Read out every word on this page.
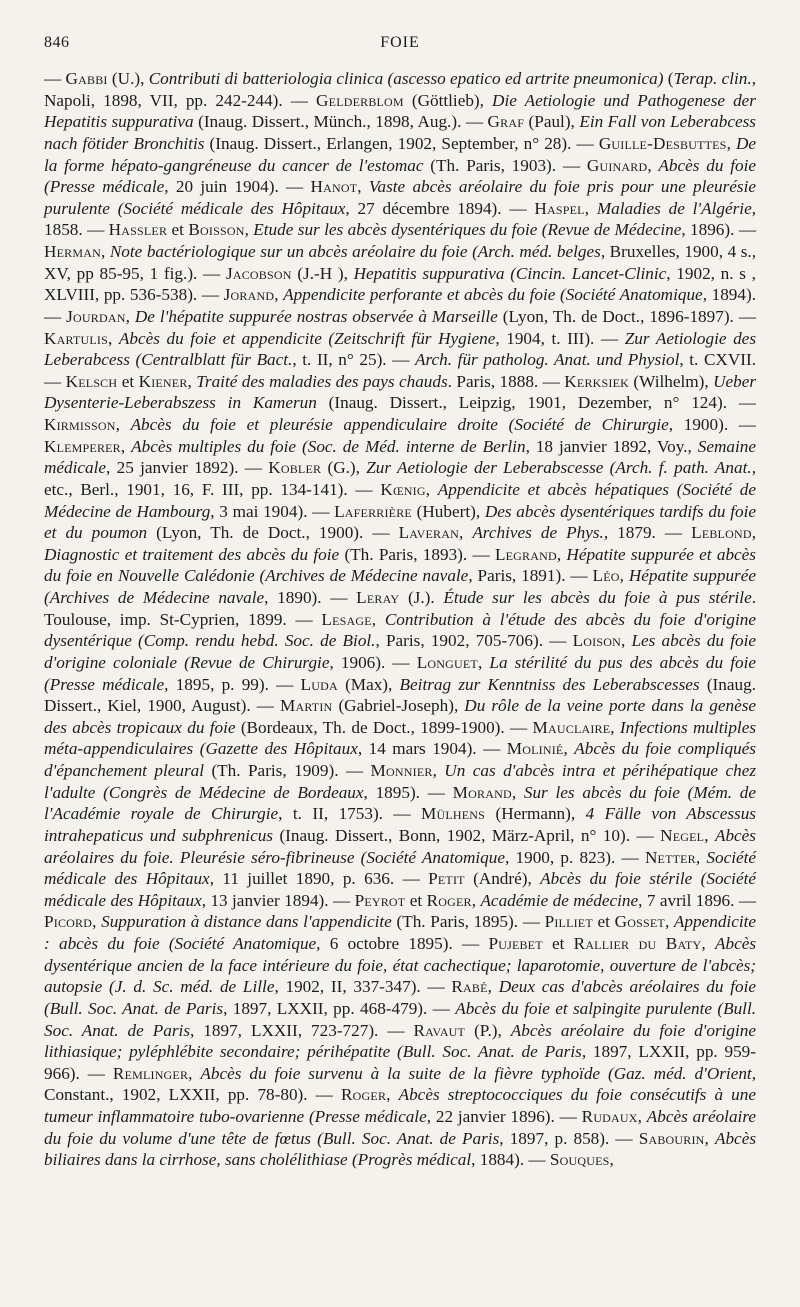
846	FOIE

— Gabbi (U.), Contributi di batteriologia clinica (ascesso epatico ed artrite pneumonica) (Terap. clin., Napoli, 1898, VII, pp. 242-244). — Gelderblom (Göttlieb), Die Aetiologie und Pathogenese der Hepatitis suppurativa (Inaug. Dissert., Münch., 1898, Aug.). — Graf (Paul), Ein Fall von Leberabcess nach fötider Bronchitis (Inaug. Dissert., Erlangen, 1902, September, n° 28). — Guille-Desbuttes, De la forme hépato-gangréneuse du cancer de l'estomac (Th. Paris, 1903). — Guinard, Abcès du foie (Presse médicale, 20 juin 1904). — Hanot, Vaste abcès aréolaire du foie pris pour une pleurésie purulente (Société médicale des Hôpitaux, 27 décembre 1894). — Haspel, Maladies de l'Algérie, 1858. — Hassler et Boisson, Etude sur les abcès dysentériques du foie (Revue de Médecine, 1896). — Herman, Note bactériologique sur un abcès aréolaire du foie (Arch. méd. belges, Bruxelles, 1900, 4 s., XV, pp 85-95, 1 fig.). — Jacobson (J.-H ), Hepatitis suppurativa (Cincin. Lancet-Clinic, 1902, n. s , XLVIII, pp. 536-538). — Jorand, Appendicite perforante et abcès du foie (Société Anatomique, 1894). — Jourdan, De l'hépatite suppurée nostras observée à Marseille (Lyon, Th. de Doct., 1896-1897). — Kartulis, Abcès du foie et appendicite (Zeitschrift für Hygiene, 1904, t. III). — Zur Aetiologie des Leberabcess (Centralblatt für Bact., t. II, n° 25). — Arch. für patholog. Anat. und Physiol, t. CXVII. — Kelsch et Kiener, Traité des maladies des pays chauds. Paris, 1888. — Kerksiek (Wilhelm), Ueber Dysenterie-Leberabszess in Kamerun (Inaug. Dissert., Leipzig, 1901, Dezember, n° 124). — Kirmisson, Abcès du foie et pleurésie appendiculaire droite (Société de Chirurgie, 1900). — Klemperer, Abcès multiples du foie (Soc. de Méd. interne de Berlin, 18 janvier 1892, Voy., Semaine médicale, 25 janvier 1892). — Kobler (G.), Zur Aetiologie der Leberabscesse (Arch. f. path. Anat., etc., Berl., 1901, 16, F. III, pp. 134-141). — Kœnig, Appendicite et abcès hépatiques (Société de Médecine de Hambourg, 3 mai 1904). — Laferrière (Hubert), Des abcès dysentériques tardifs du foie et du poumon (Lyon, Th. de Doct., 1900). — Laveran, Archives de Phys., 1879. — Leblond, Diagnostic et traitement des abcès du foie (Th. Paris, 1893). — Legrand, Hépatite suppurée et abcès du foie en Nouvelle Calédonie (Archives de Médecine navale, Paris, 1891). — Léo, Hépatite suppurée (Archives de Médecine navale, 1890). — Leray (J.). Étude sur les abcès du foie à pus stérile. Toulouse, imp. St-Cyprien, 1899. — Lesage, Contribution à l'étude des abcès du foie d'origine dysentérique (Comp. rendu hebd. Soc. de Biol., Paris, 1902, 705-706). — Loison, Les abcès du foie d'origine coloniale (Revue de Chirurgie, 1906). — Longuet, La stérilité du pus des abcès du foie (Presse médicale, 1895, p. 99). — Luda (Max), Beitrag zur Kenntniss des Leberabscesses (Inaug. Dissert., Kiel, 1900, August). — Martin (Gabriel-Joseph), Du rôle de la veine porte dans la genèse des abcès tropicaux du foie (Bordeaux, Th. de Doct., 1899-1900). — Mauclaire, Infections multiples méta-appendiculaires (Gazette des Hôpitaux, 14 mars 1904). — Molinié, Abcès du foie compliqués d'épanchement pleural (Th. Paris, 1909). — Monnier, Un cas d'abcès intra et périhépatique chez l'adulte (Congrès de Médecine de Bordeaux, 1895). — Morand, Sur les abcès du foie (Mém. de l'Académie royale de Chirurgie, t. II, 1753). — Mülhens (Hermann), 4 Fälle von Abscessus intrahepaticus und subphrenicus (Inaug. Dissert., Bonn, 1902, März-April, n° 10). — Negel, Abcès aréolaires du foie. Pleurésie séro-fibrineuse (Société Anatomique, 1900, p. 823). — Netter, Société médicale des Hôpitaux, 11 juillet 1890, p. 636. — Petit (André), Abcès du foie stérile (Société médicale des Hôpitaux, 13 janvier 1894). — Peyrot et Roger, Académie de médecine, 7 avril 1896. — Picord, Suppuration à distance dans l'appendicite (Th. Paris, 1895). — Pilliet et Gosset, Appendicite : abcès du foie (Société Anatomique, 6 octobre 1895). — Pujebet et Rallier du Baty, Abcès dysentérique ancien de la face intérieure du foie, état cachectique; laparotomie, ouverture de l'abcès; autopsie (J. d. Sc. méd. de Lille, 1902, II, 337-347). — Rabé, Deux cas d'abcès aréolaires du foie (Bull. Soc. Anat. de Paris, 1897, LXXII, pp. 468-479). — Abcès du foie et salpingite purulente (Bull. Soc. Anat. de Paris, 1897, LXXII, 723-727). — Ravaut (P.), Abcès aréolaire du foie d'origine lithiasique; pyléphlébite secondaire; périhépatite (Bull. Soc. Anat. de Paris, 1897, LXXII, pp. 959-966). — Remlinger, Abcès du foie survenu à la suite de la fièvre typhoïde (Gaz. méd. d'Orient, Constant., 1902, LXXII, pp. 78-80). — Roger, Abcès streptococciques du foie consécutifs à une tumeur inflammatoire tubo-ovarienne (Presse médicale, 22 janvier 1896). — Rudaux, Abcès aréolaire du foie du volume d'une tête de fœtus (Bull. Soc. Anat. de Paris, 1897, p. 858). — Sabourin, Abcès biliaires dans la cirrhose, sans cholélithiase (Progrès médical, 1884). — Souques,
